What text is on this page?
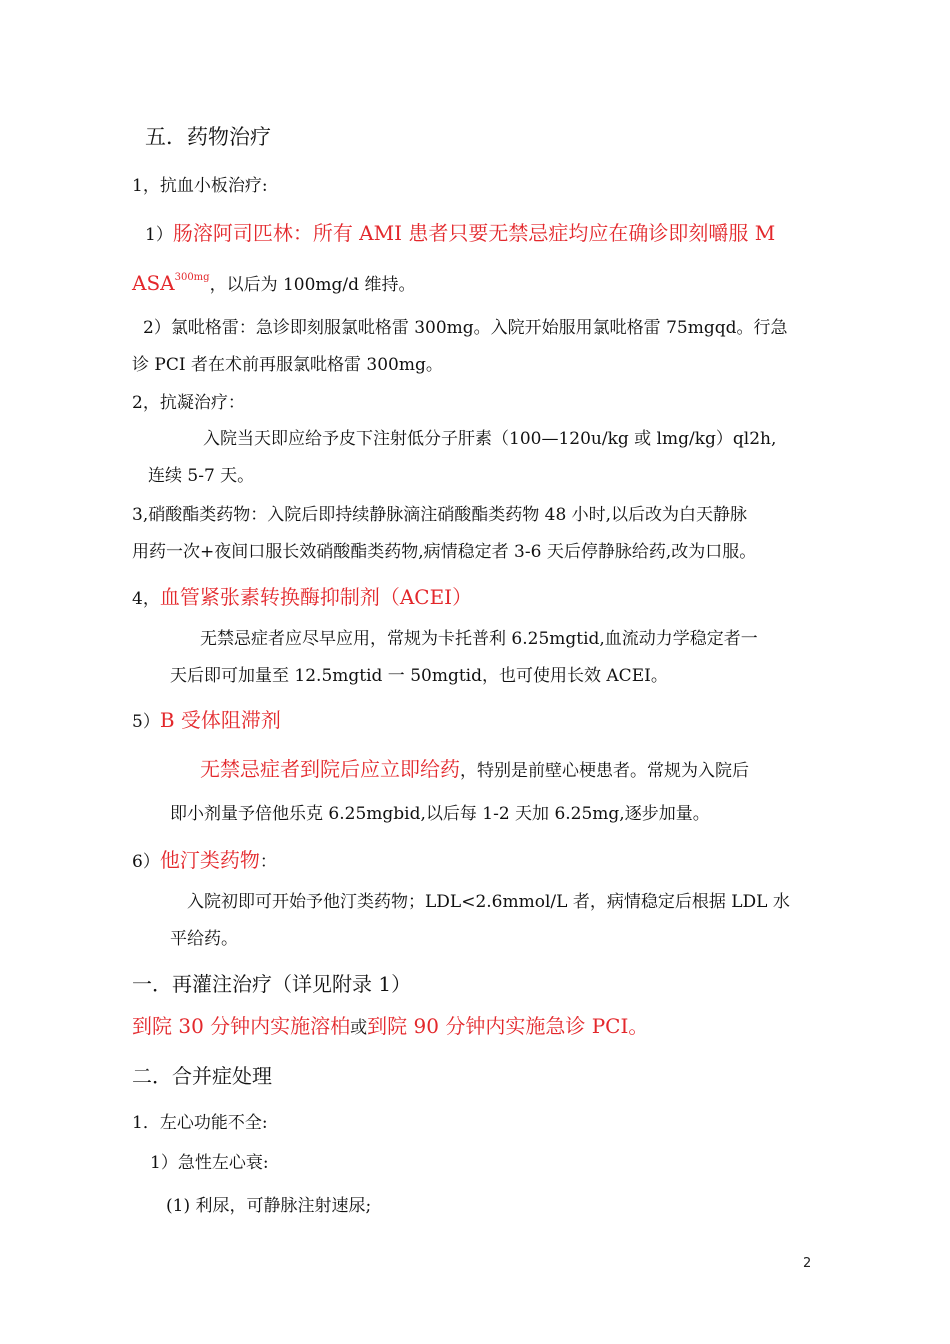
五．药物治疗
1，抗血小板治疗:
1）肠溶阿司匹林：所有 AMI 患者只要无禁忌症均应在确诊即刻嚼服 M
$ASA^{300mg}$，以后为 100mg/d 维持。
2）氯吡格雷：急诊即刻服氯吡格雷 300mg。入院开始服用氯吡格雷 75mgqd。行急
诊 PCI 者在术前再服氯吡格雷 300mg。
2，抗凝治疗：
入院当天即应给予皮下注射低分子肝素（100—120u/kg 或 lmg/kg）ql2h,
连续 5-7 天。
3,硝酸酯类药物：入院后即持续静脉滴注硝酸酯类药物 48 小时,以后改为白天静脉
用药一次+夜间口服长效硝酸酯类药物,病情稳定者 3-6 天后停静脉给药,改为口服。
4，血管紧张素转换酶抑制剂（ACEI）
无禁忌症者应尽早应用，常规为卡托普利 6.25mgtid,血流动力学稳定者一
天后即可加量至 12.5mgtid 一 50mgtid，也可使用长效 ACEI。
5）B 受体阻滞剂
无禁忌症者到院后应立即给药，特别是前壁心梗患者。常规为入院后
即小剂量予倍他乐克 6.25mgbid,以后每 1-2 天加 6.25mg,逐步加量。
6）他汀类药物：
入院初即可开始予他汀类药物；LDL<2.6mmol/L 者，病情稳定后根据 LDL 水
平给药。
一．再灌注治疗（详见附录 1）
到院 30 分钟内实施溶柏或到院 90 分钟内实施急诊 PCI。
二．合并症处理
1．左心功能不全:
1）急性左心衰:
(1) 利尿，可静脉注射速尿;
2
